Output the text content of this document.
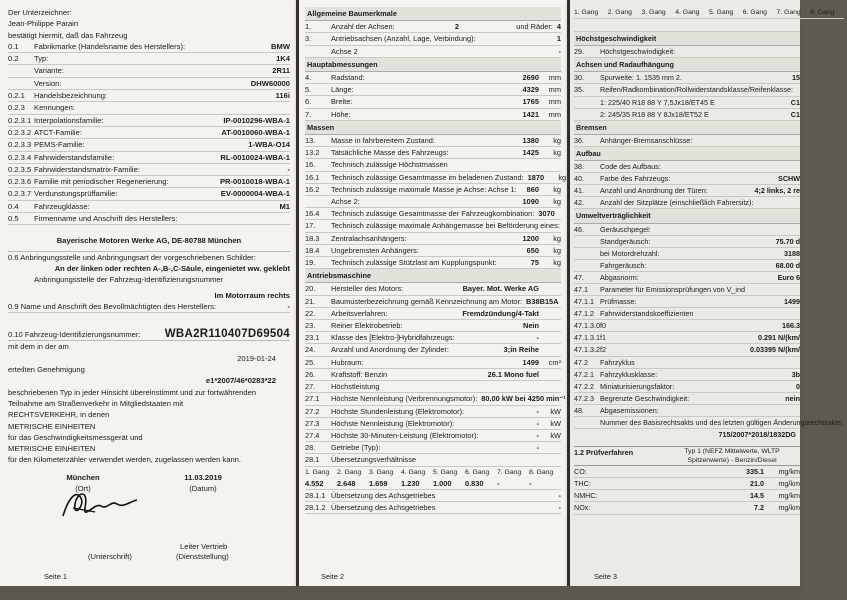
Der Unterzeichner:
Jean-Philippe Parain
bestätigt hiermit, daß das Fahrzeug
0.1	Fabrikmarke (Handelsname des Herstellers):	BMW
0.2	Typ:	1K4
Variante:	2R11
Version:	DHW60000
0.2.1	Handelsbezeichnung:	116i
0.2.3	Kennungen:
0.2.3.1 Interpolationsfamilie:	IP-0010296-WBA-1
0.2.3.2 ATCT-Familie:	AT-0010060-WBA-1
0.2.3.3 PEMS-Familie:	1-WBA-O14
0.2.3.4 Fahrwiderstandsfamilie:	RL-0010024-WBA-1
0.2.3.5 Fahrwiderstandsmatrix-Familie:	-
0.2.3.6 Familie mit periodischer Regenerierung:	PR-0010018-WBA-1
0.2.3.7 Verdunstungsprüffamilie:	EV-0000004-WBA-1
0.4	Fahrzeugklasse:	M1
0.5	Firmenname und Anschrift des Herstellers:
Bayerische Motoren Werke AG, DE-80788 München
0.6 Anbringungsstelle und Anbringungsart der vorgeschriebenen Schilder:
An der linken oder rechten A-,B-,C-Säule, eingenietet ww. geklebt
Anbringungsstelle der Fahrzeug-Identifizierungsnummer
Im Motorraum rechts
0.9 Name und Anschrift des Bevollmächtigten des Herstellers:	-
0.10 Fahrzeug-Identifizierungsnummer: WBA2R110407D69504
mit dem in der am
2019-01-24
erteilten Genehmigung
e1*2007/46*0283*22
beschriebenen Typ in jeder Hinsicht übereinstimmt und zur fortwährenden
Teilnahme am Straßenverkehr in Mitgliedstaaten mit
RECHTSVERKEHR, in denen
METRISCHE EINHEITEN
für das Geschwindigkeitsmessgerät und
METRISCHE EINHEITEN
für den Kilometerzähler verwendet werden, zugelassen werden kann.
München
(Ort)
11.03.2019
(Datum)
(Unterschrift)
Leiter Vertrieb
(Dienststellung)
Seite 1
Allgemeine Baumerkmale
1.	Anzahl der Achsen:	2	und Räder: 4
3.	Antriebsachsen (Anzahl, Lage, Verbindung):	1
Achse 2	-
Hauptabmessungen
4.	Radstand:	2690	mm
5.	Länge:	4329	mm
6.	Breite:	1765	mm
7.	Höhe:	1421	mm
Massen
13.	Masse in fahrbereitem Zustand:	1380	kg
13.2	Tatsächliche Masse des Fahrzeugs:	1425	kg
16.	Technisch zulässige Höchstmassen
16.1	Technisch zulässige Gesamtmasse im beladenen Zustand: 1870	kg
16.2	Technisch zulässige maximale Masse je Achse: Achse 1:	860	kg
Achse 2:	1090	kg
16.4	Technisch zulässige Gesamtmasse der Fahrzeugkombination: 3070
17.	Technisch zulässige maximale Anhängemasse bei Beförderung eines:
18.3	Zentralachsanhängers:	1200	kg
18.4	Ungebremsten Anhängers:	650	kg
19.	Technisch zulässige Stützlast am Kupplungspunkt:	75	kg
Antriebsmaschine
20.	Hersteller des Motors:	Bayer. Mot. Werke AG
21.	Baumusterbezeichnung gemäß Kennzeichnung am Motor: B38B15A
22.	Arbeitsverfahren:	Fremdzündung/4-Takt
23.	Reiner Elektrobetrieb:	Nein
23.1	Klasse des [Elektro-]Hybridfahrzeugs:	-
24.	Anzahl und Anordnung der Zylinder:	3;in Reihe
25.	Hubraum:	1499	cm³
26.	Kraftstoff: Benzin	26.1 Mono fuel
27.	Höchstleistung
27.1	Höchste Nennleistung (Verbrennungsmotor): 80.00 kW bei 4250 min⁻¹
27.2	Höchste Stundenleistung (Elektromotor):	-	kW
27.3	Höchste Nennleistung (Elektromotor):	-	kW
27.4	Höchste 30-Minuten-Leistung (Elektromotor):	-	kW
28.	Getriebe (Typ):	-
28.1	Übersetzungsverhältnisse
1. Gang	2. Gang	3. Gang	4. Gang	5. Gang	6. Gang	7. Gang	8. Gang
4.552	2.648	1.659	1.230	1.000	0.830	-	-
28.1.1 Übersetzung des Achsgetriebes	-
28.1.2 Übersetzung des Achsgetriebes	-
Seite 2
1. Gang	2. Gang	3. Gang	4. Gang	5. Gang	6. Gang	7. Gang	8. Gang
Höchstgeschwindigkeit
29.	Höchstgeschwindigkeit:
Achsen und Radaufhängung
30.	Spurweite: 1. 1535 mm 2.	15
35.	Reifen/Radkombination/Rollwiderstandsklasse/Reifenklasse:
1: 225/40 R18 88 Y 7,5Jx18/ET45 E	C1
2: 245/35 R18 88 Y 8Jx18/ET52 E	C1
Bremsen
36.	Anhänger-Bremsanschlüsse:
Aufbau
38.	Code des Aufbaus:
40.	Farbe des Fahrzeugs:	SCHW
41.	Anzahl und Anordnung der Türen:	4;2 links, 2 re
42.	Anzahl der Sitzplätze (einschließlich Fahrersitz):
Umweltverträglichkeit
46.	Geräuschpegel:
Standgeräusch:	75.70 d
bei Motordrehzahl:	3188
Fahrgeräusch:	68.00 d
47.	Abgasnorm:	Euro 6
47.1	Parameter für Emissionsprüfungen von V_ind
47.1.1 Prüfmasse:	1499
47.1.2 Fahrwiderstandskoeffizienten
47.1.3.0 f0	166.3
47.1.3.1 f1	0.291 N/(km/
47.1.3.2 f2	0.03395 N/(km/
47.2	Fahrzyklus
47.2.1 Fahrzyklusklasse:	3b
47.2.2 Miniaturisierungsfaktor:	0
47.2.3 Begrenzte Geschwindigkeit:	nein
48.	Abgasemissionen:
Nummer des Basisrechtsakts und des letzten gültigen Änderungsrechtsakts:
715/2007*2018/1832DG
1.2 Prüfverfahren	Typ 1 (NEFZ Mittelwerte, WLTP Spitzenwerte) - Benzin/Diesel
CO:	335.1	mg/km
THC:	21.0	mg/km
NMHC:	14.5	mg/km
NOx:	7.2	mg/km
Seite 3
